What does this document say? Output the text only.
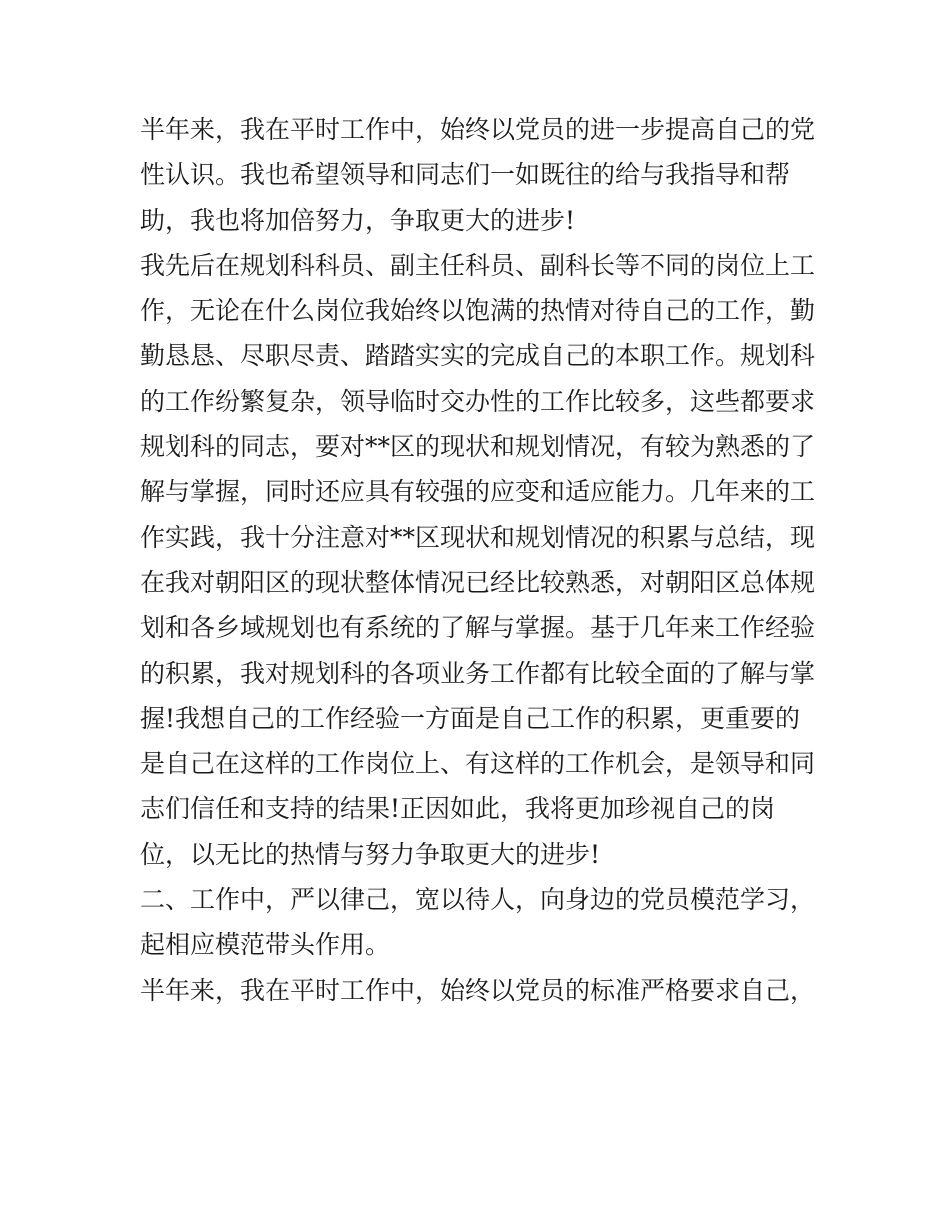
半年来，我在平时工作中，始终以党员的进一步提高自己的党
性认识。我也希望领导和同志们一如既往的给与我指导和帮
助，我也将加倍努力，争取更大的进步!
我先后在规划科科员、副主任科员、副科长等不同的岗位上工
作，无论在什么岗位我始终以饱满的热情对待自己的工作，勤
勤恳恳、尽职尽责、踏踏实实的完成自己的本职工作。规划科
的工作纷繁复杂，领导临时交办性的工作比较多，这些都要求
规划科的同志，要对**区的现状和规划情况，有较为熟悉的了
解与掌握，同时还应具有较强的应变和适应能力。几年来的工
作实践，我十分注意对**区现状和规划情况的积累与总结，现
在我对朝阳区的现状整体情况已经比较熟悉，对朝阳区总体规
划和各乡域规划也有系统的了解与掌握。基于几年来工作经验
的积累，我对规划科的各项业务工作都有比较全面的了解与掌
握!我想自己的工作经验一方面是自己工作的积累，更重要的
是自己在这样的工作岗位上、有这样的工作机会，是领导和同
志们信任和支持的结果!正因如此，我将更加珍视自己的岗
位，以无比的热情与努力争取更大的进步!
二、工作中，严以律己，宽以待人，向身边的党员模范学习，
起相应模范带头作用。
半年来，我在平时工作中，始终以党员的标准严格要求自己，
